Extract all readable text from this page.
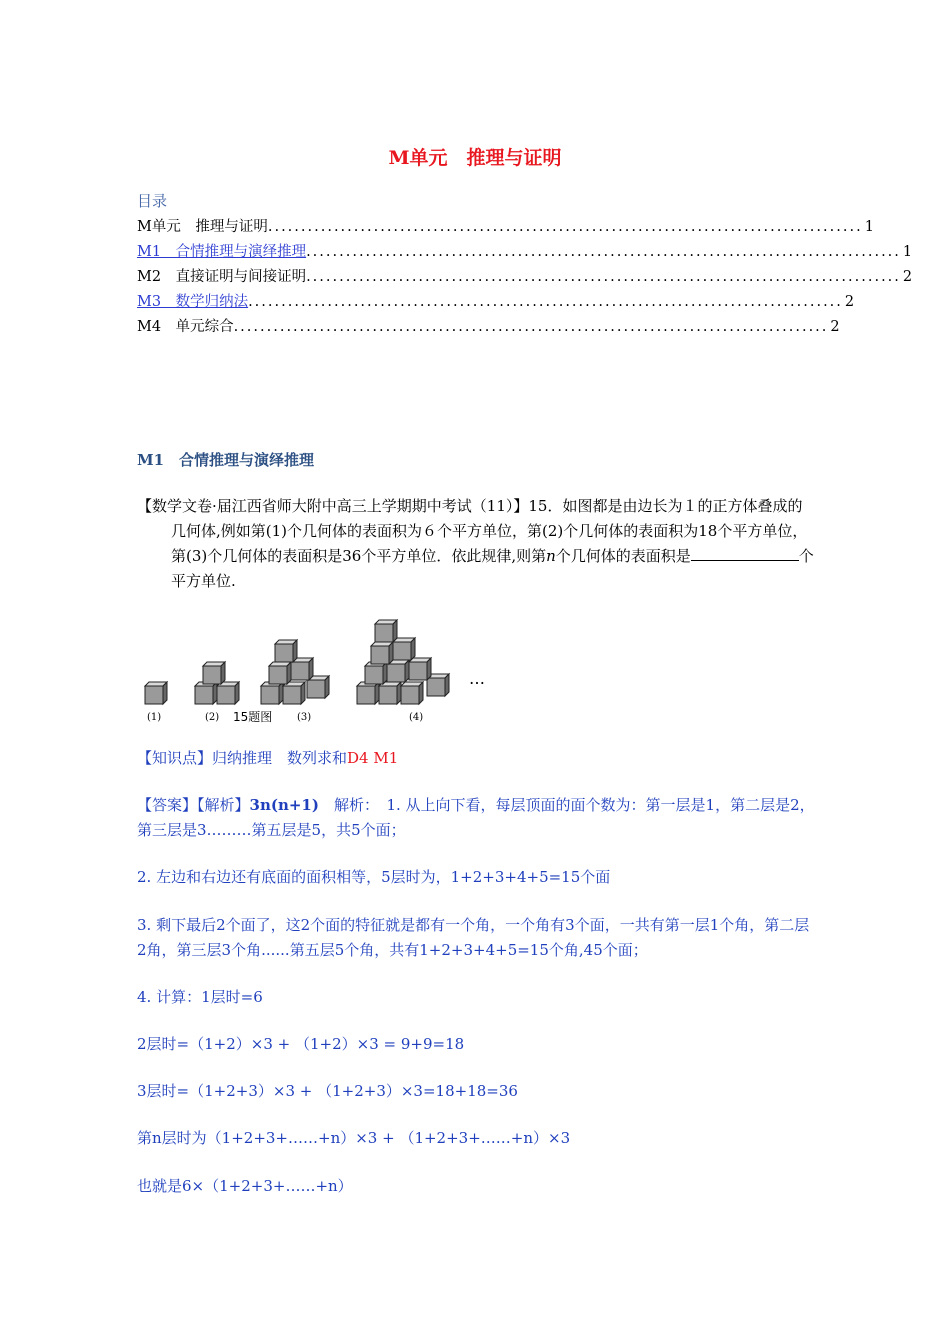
M单元　推理与证明
目录
M单元　推理与证明 .......................................................................................... 1
M1　合情推理与演绎推理 .......................................................................................... 1
M2　直接证明与间接证明 .......................................................................................... 2
M3　数学归纳法 .......................................................................................... 2
M4　单元综合 .......................................................................................... 2
M1　合情推理与演绎推理
【数学文卷·届江西省师大附中高三上学期期中考试（11）】15．如图都是由边长为１的正方体叠成的几何体,例如第(1)个几何体的表面积为６个平方单位，第(2)个几何体的表面积为18个平方单位，第(3)个几何体的表面积是36个平方单位．依此规律,则第n个几何体的表面积是	个平方单位.
(1)	(2) 15题图 (3)	(4)
…
【知识点】归纳推理　数列求和D4 M1
【答案】【解析】3n(n+1)　解析：　1. 从上向下看，每层顶面的面个数为：第一层是1，第二层是2，第三层是3………第五层是5，共5个面；
2. 左边和右边还有底面的面积相等，5层时为，1+2+3+4+5=15个面
3. 剩下最后2个面了，这2个面的特征就是都有一个角，一个角有3个面，一共有第一层1个角，第二层2角，第三层3个角......第五层5个角，共有1+2+3+4+5=15个角,45个面；
4. 计算：1层时=6
2层时=（1+2）×3 + （1+2）×3 = 9+9=18
3层时=（1+2+3）×3 + （1+2+3）×3=18+18=36
第n层时为（1+2+3+……+n）×3 + （1+2+3+……+n）×3
也就是6×（1+2+3+……+n）
